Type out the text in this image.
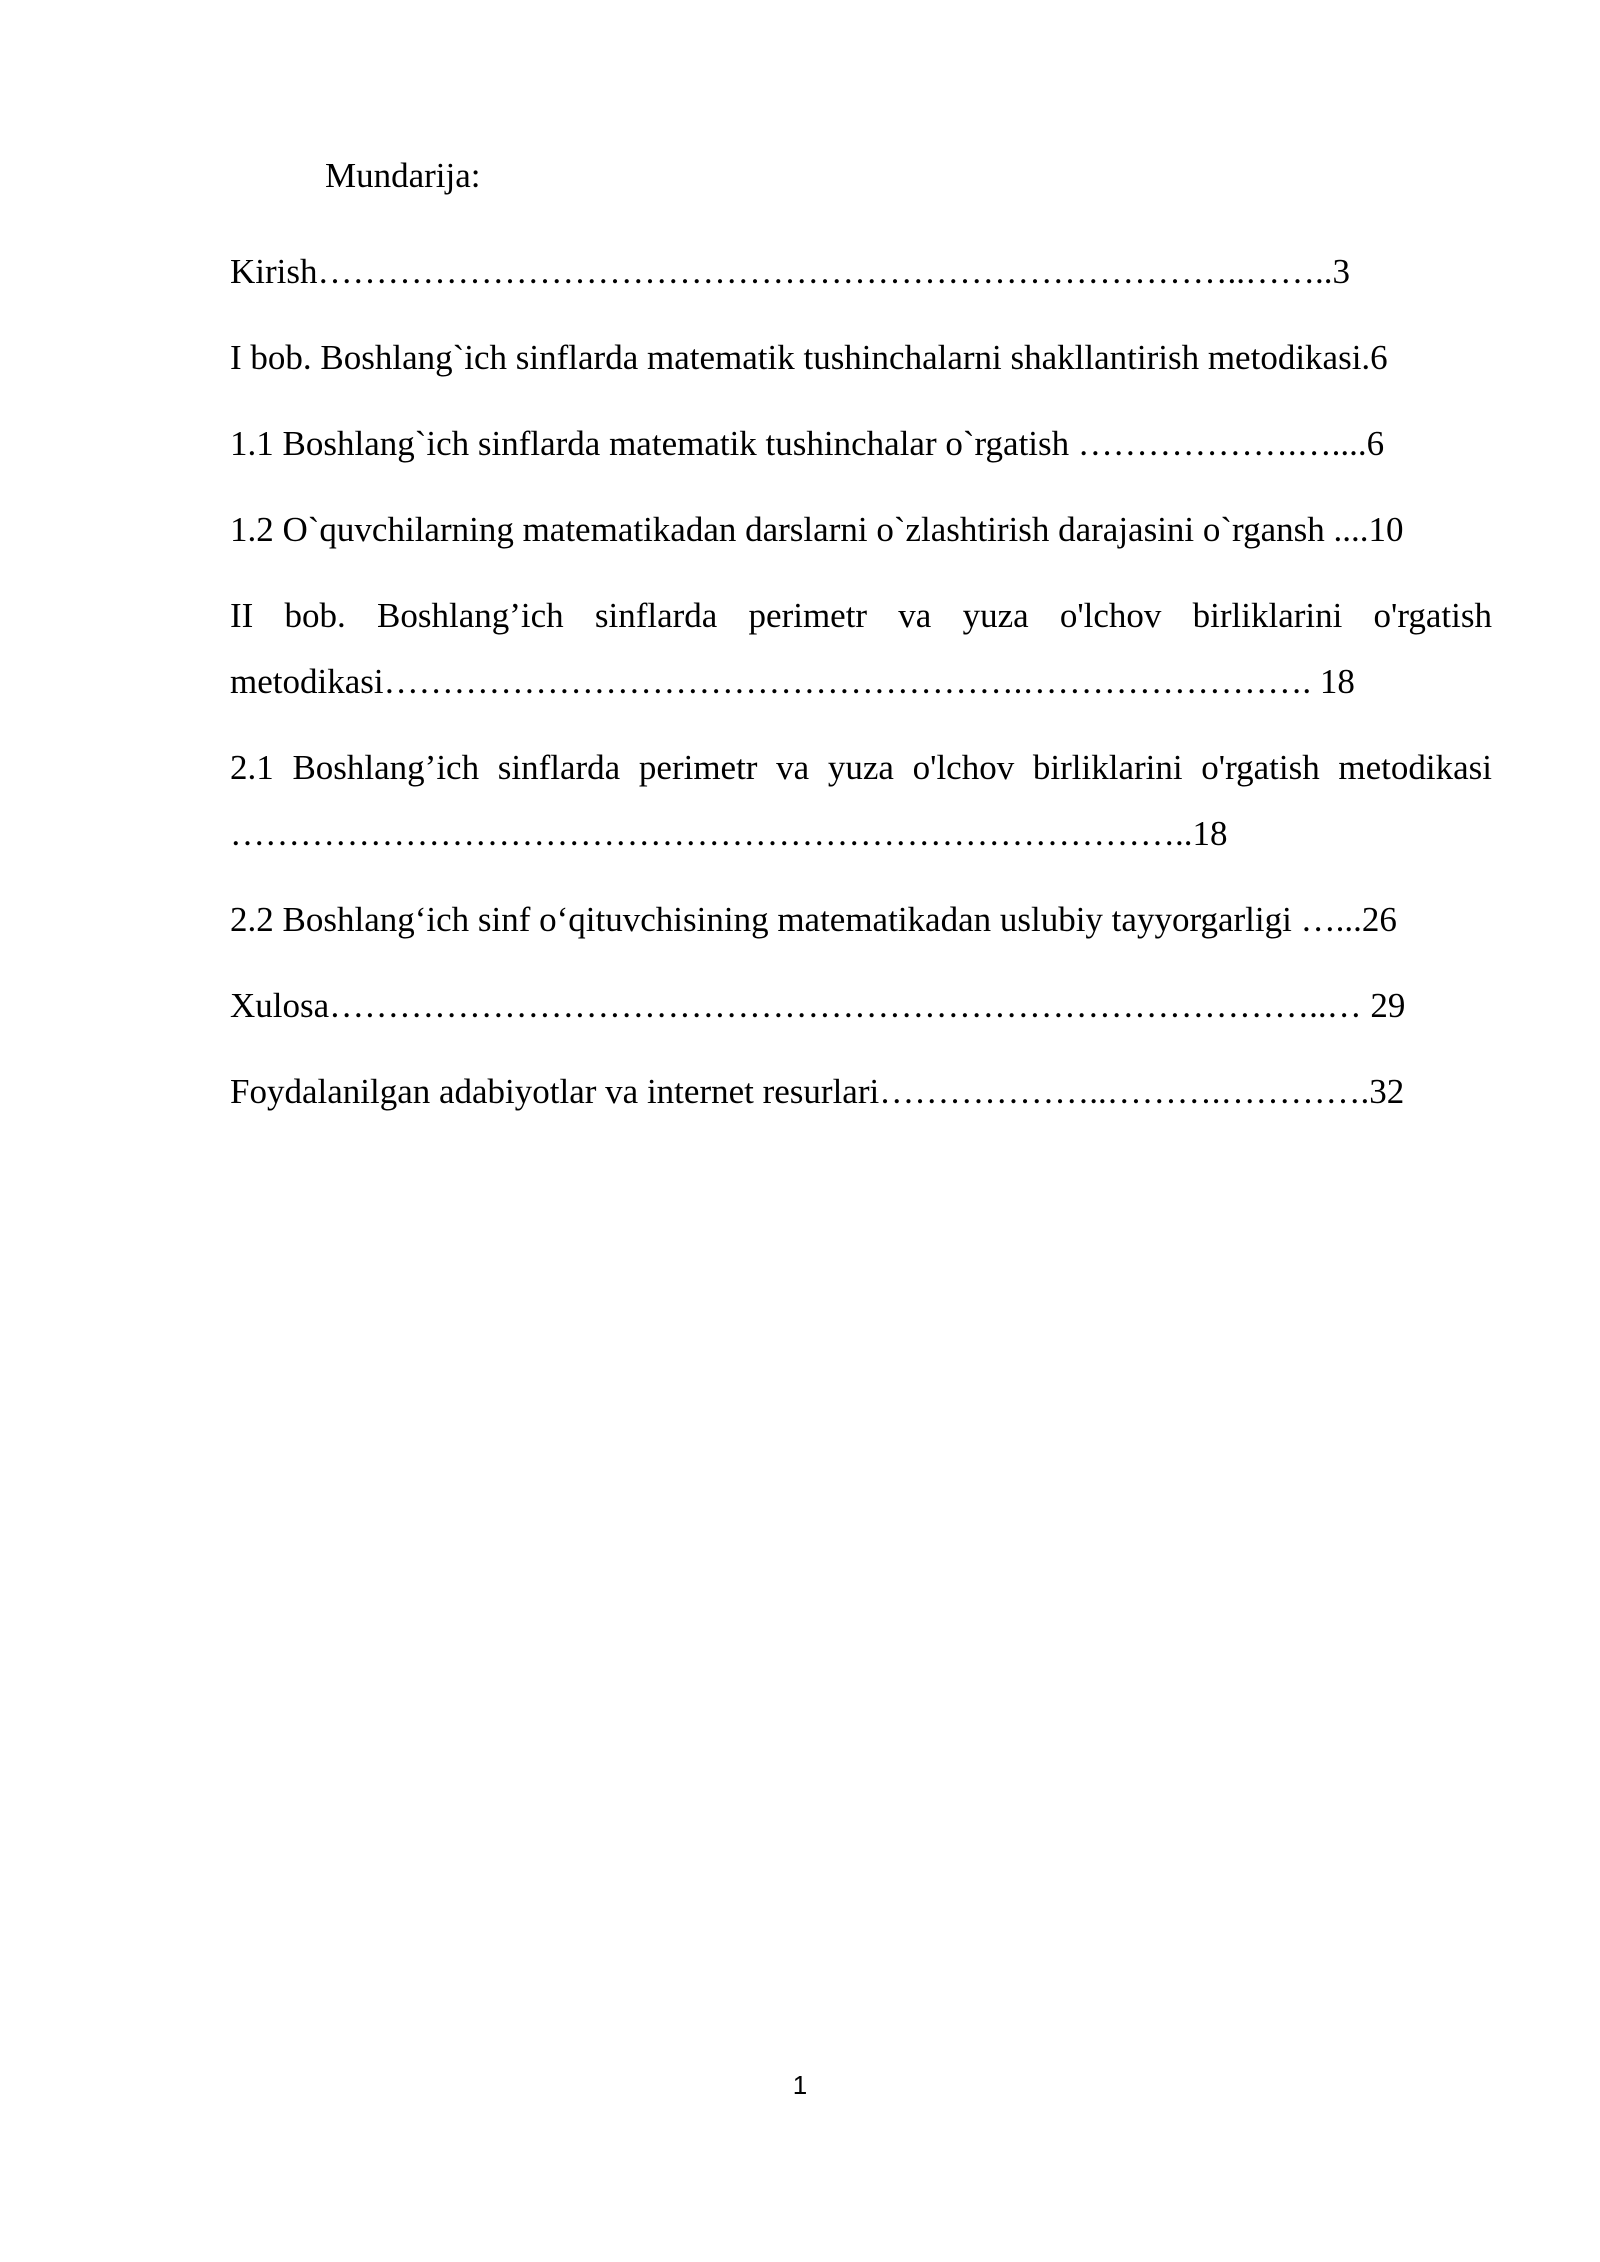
Mundarija:
Kirish……………………………………………………………………..……..3
I bob. Boshlang`ich sinflarda matematik tushinchalarni shakllantirish metodikasi.6
1.1 Boshlang`ich sinflarda matematik tushinchalar o`rgatish ……………….…....6
1.2 O`quvchilarning matematikadan darslarni o`zlashtirish darajasini o`rgansh ....10
II bob. Boshlang’ich sinflarda perimetr va yuza o'lchov birliklarini o'rgatish metodikasi……………………………………………….……………………. 18
2.1 Boshlang’ich sinflarda perimetr va yuza o'lchov birliklarini o'rgatish metodikasi ………………………………………………………………………..18
2.2 Boshlang‘ich sinf o‘qituvchisining matematikadan uslubiy tayyorgarligi …...26
Xulosa…………………………………………………………………………..… 29
Foydalanilgan adabiyotlar va internet resurlari………………..……….………….32
1
